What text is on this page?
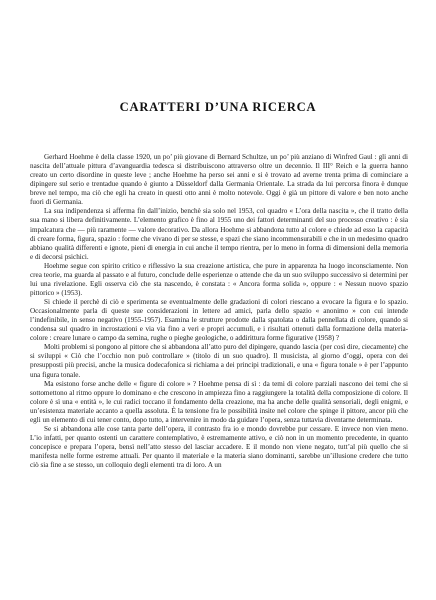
CARATTERI D’UNA RICERCA

Gerhard Hoehme è della classe 1920, un po’ più giovane di Bernard Schultze, un po’ più anziano di Winfred Gaul : gli anni di nascita dell’attuale pittura d’avanguardia tedesca si distribuiscono attraverso oltre un decennio. Il III° Reich e la guerra hanno creato un certo disordine in queste leve ; anche Hoehme ha perso sei anni e si è trovato ad averne trenta prima di cominciare a dipingere sul serio e trentadue quando è giunto a Düsseldorf dalla Germania Orientale. La strada da lui percorsa finora è dunque breve nel tempo, ma ciò che egli ha creato in questi otto anni è molto notevole. Oggi è già un pittore di valore e ben noto anche fuori di Germania.

La sua indipendenza si afferma fin dall’inizio, benchè sia solo nel 1953, col quadro « L’ora della nascita », che il tratto della sua mano si libera definitivamente. L’elemento grafico è fino al 1955 uno dei fattori determinanti del suo processo creativo : è sia impalcatura che — più raramente — valore decorativo. Da allora Hoehme si abbandona tutto al colore e chiede ad esso la capacità di creare forma, figura, spazio : forme che vivano di per se stesse, e spazi che siano incommensurabili e che in un medesimo quadro abbiano qualità differenti e ignote, pieni di energia in cui anche il tempo rientra, per lo meno in forma di dimensioni della memoria e di decorsi psichici.

Hoehme segue con spirito critico e riflessivo la sua creazione artistica, che pure in apparenza ha luogo inconsciamente. Non crea teorie, ma guarda al passato e al futuro, conclude delle esperienze o attende che da un suo sviluppo successivo si determini per lui una rivelazione. Egli osserva ciò che sta nascendo, è constata : « Ancora forma solida », oppure : « Nessun nuovo spazio pittorico » (1953).

Si chiede il perchè di ciò e sperimenta se eventualmente delle gradazioni di colori riescano a evocare la figura e lo spazio. Occasionalmente parla di queste sue considerazioni in lettere ad amici, parla dello spazio « anonimo » con cui intende l’indefinibile, in senso negativo (1955-1957). Esamina le strutture prodotte dalla spatolata o dalla pennellata di colore, quando si condensa sul quadro in incrostazioni e via via fino a veri e propri accumuli, e i risultati ottenuti dalla formazione della materia-colore : creare lunare o campo da semina, rughe o pieghe geologiche, o addirittura forme figurative (1958) ?

Molti problemi si pongono al pittore che si abbandona all’atto puro del dipingere, quando lascia (per così dire, ciecamente) che si sviluppi « Ciò che l’occhio non può controllare » (titolo di un suo quadro). Il musicista, al giorno d’oggi, opera con dei presupposti più precisi, anche la musica dodecafonica si richiama a dei principi tradizionali, e una « figura tonale » è per l’appunto una figura tonale.

Ma esistono forse anche delle « figure di colore » ? Hoehme pensa di sì : da temi di colore parziali nascono dei temi che si sottomettono al ritmo oppure lo dominano e che crescono in ampiezza fino a raggiungere la totalità della composizione di colore. Il colore è sì una « entità », le cui radici toccano il fondamento della creazione, ma ha anche delle qualità sensoriali, degli enigmi, e un’esistenza materiale accanto a quella assoluta. È la tensione fra le possibilità insite nel colore che spinge il pittore, ancor più che egli un elemento di cui tener conto, dopo tutto, a intervenire in modo da guidare l’opera, senza tuttavia diventarne determinata.

Se si abbandona alle cose tanta parte dell’opera, il contrasto fra io e mondo dovrebbe pur cessare. E invece non vien meno. L’io infatti, per quanto ostenti un carattere contemplativo, è estremamente attivo, e ciò non in un momento precedente, in quanto concepisce e prepara l’opera, bensì nell’atto stesso del lasciar accadere. E il mondo non viene negato, tutt’al più quello che si manifesta nelle forme estreme attuali. Per quanto il materiale e la materia siano dominanti, sarebbe un’illusione credere che tutto ciò sia fine a se stesso, un colloquio degli elementi tra di loro. A un
